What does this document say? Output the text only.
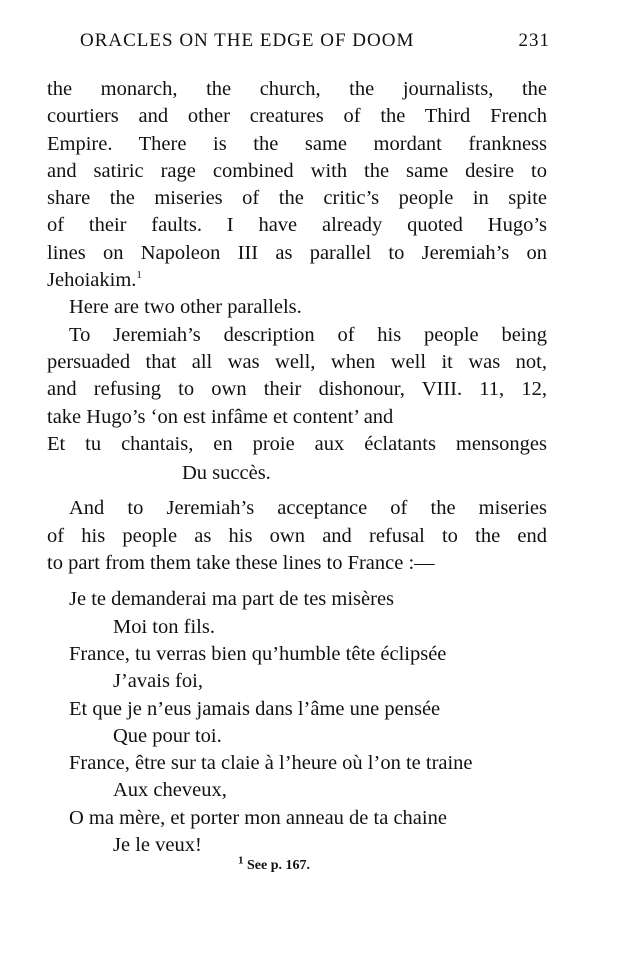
ORACLES ON THE EDGE OF DOOM	231
the monarch, the church, the journalists, the
courtiers and other creatures of the Third French
Empire. There is the same mordant frankness
and satiric rage combined with the same desire to
share the miseries of the critic’s people in spite
of their faults. I have already quoted Hugo’s
lines on Napoleon III as parallel to Jeremiah’s on
Jehoiakim.$^1$
Here are two other parallels.
To Jeremiah’s description of his people being
persuaded that all was well, when well it was not,
and refusing to own their dishonour, VIII. 11, 12,
take Hugo’s ‘on est infâme et content’ and
Et tu chantais, en proie aux éclatants mensonges
Du succès.
And to Jeremiah’s acceptance of the miseries
of his people as his own and refusal to the end
to part from them take these lines to France :—
Je te demanderai ma part de tes misères
Moi ton fils.
France, tu verras bien qu’humble tête éclipsée
J’avais foi,
Et que je n’eus jamais dans l’âme une pensée
Que pour toi.
France, être sur ta claie à l’heure où l’on te traine
Aux cheveux,
O ma mère, et porter mon anneau de ta chaine
Je le veux!
$^1$ See p. 167.
